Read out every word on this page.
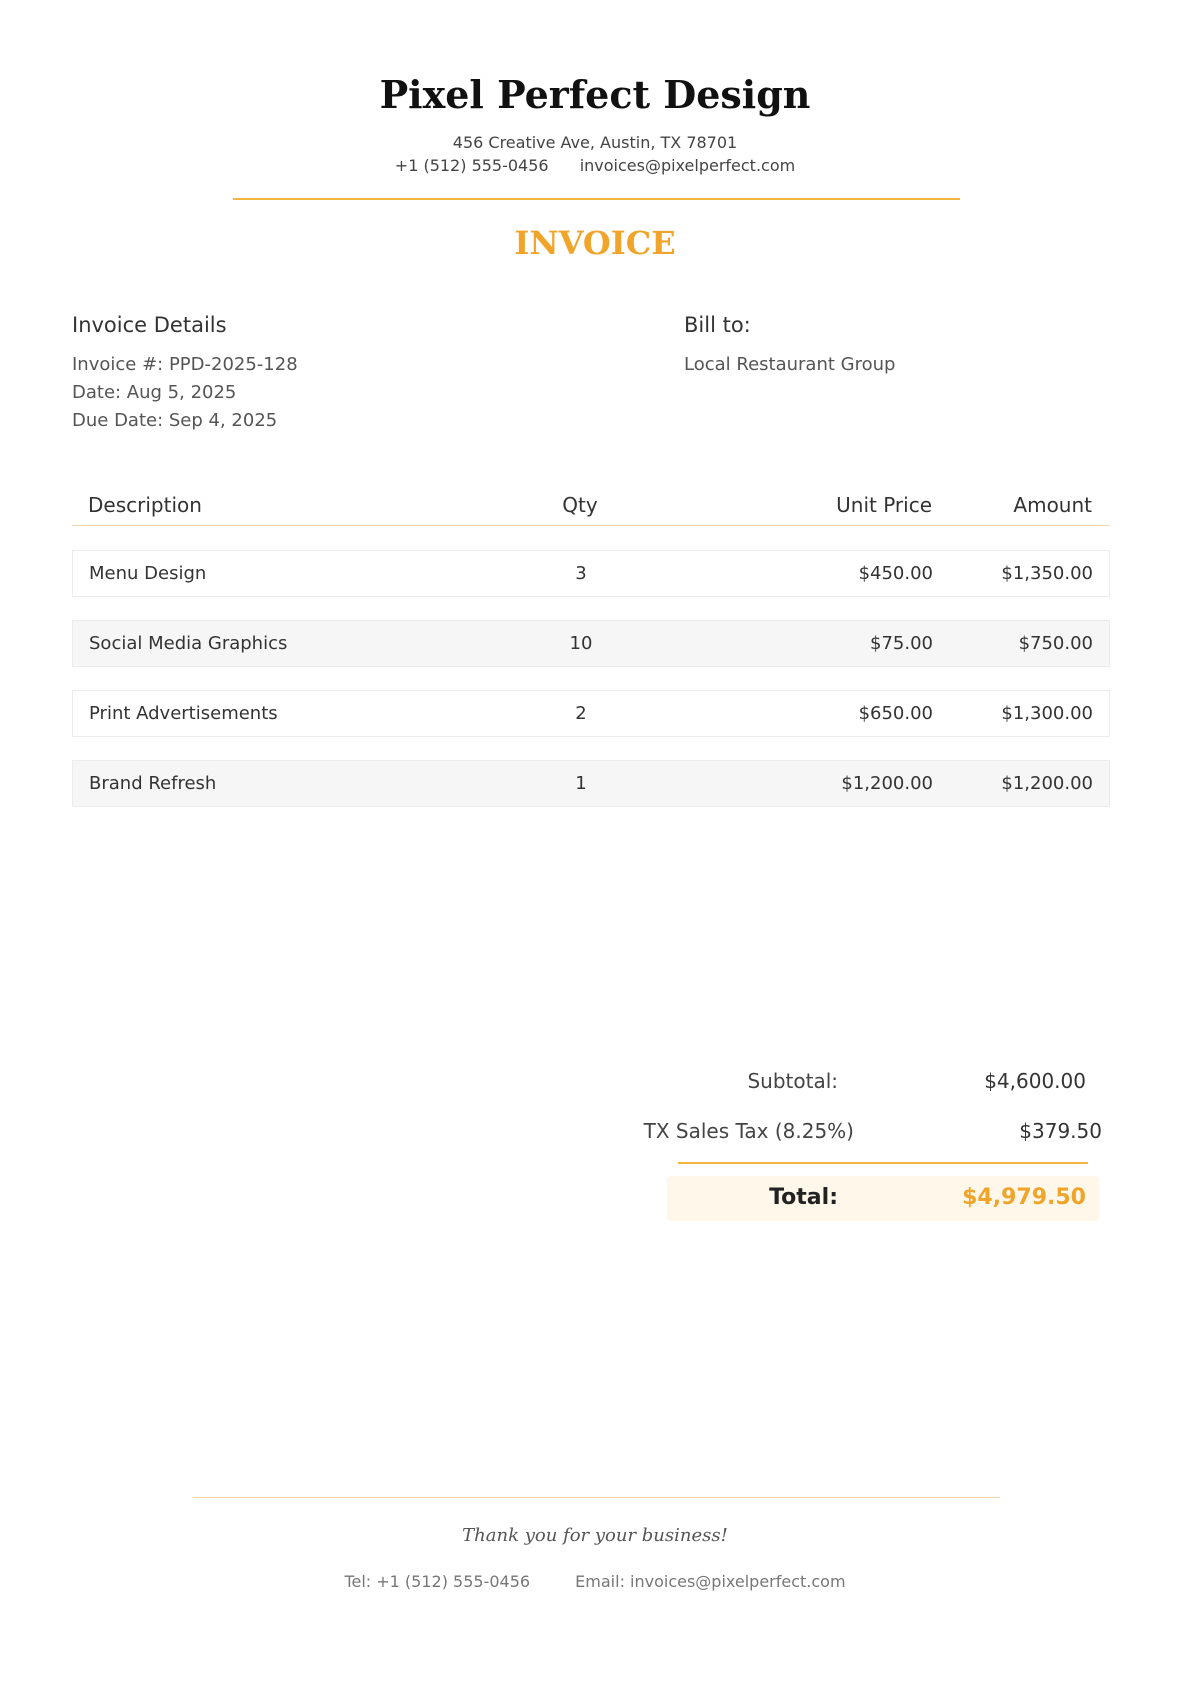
Pixel Perfect Design
456 Creative Ave, Austin, TX 78701
+1 (512) 555-0456 invoices@pixelperfect.com
INVOICE
Invoice Details
Invoice #: PPD-2025-128
Date: Aug 5, 2025
Due Date: Sep 4, 2025
Bill to:
Local Restaurant Group
Description	Qty	Unit Price	Amount
Menu Design	3	$450.00	$1,350.00
Social Media Graphics	10	$75.00	$750.00
Print Advertisements	2	$650.00	$1,300.00
Brand Refresh	1	$1,200.00	$1,200.00
Subtotal:	$4,600.00
TX Sales Tax (8.25%)	$379.50
Total:	$4,979.50
Thank you for your business!
Tel: +1 (512) 555-0456	Email: invoices@pixelperfect.com
